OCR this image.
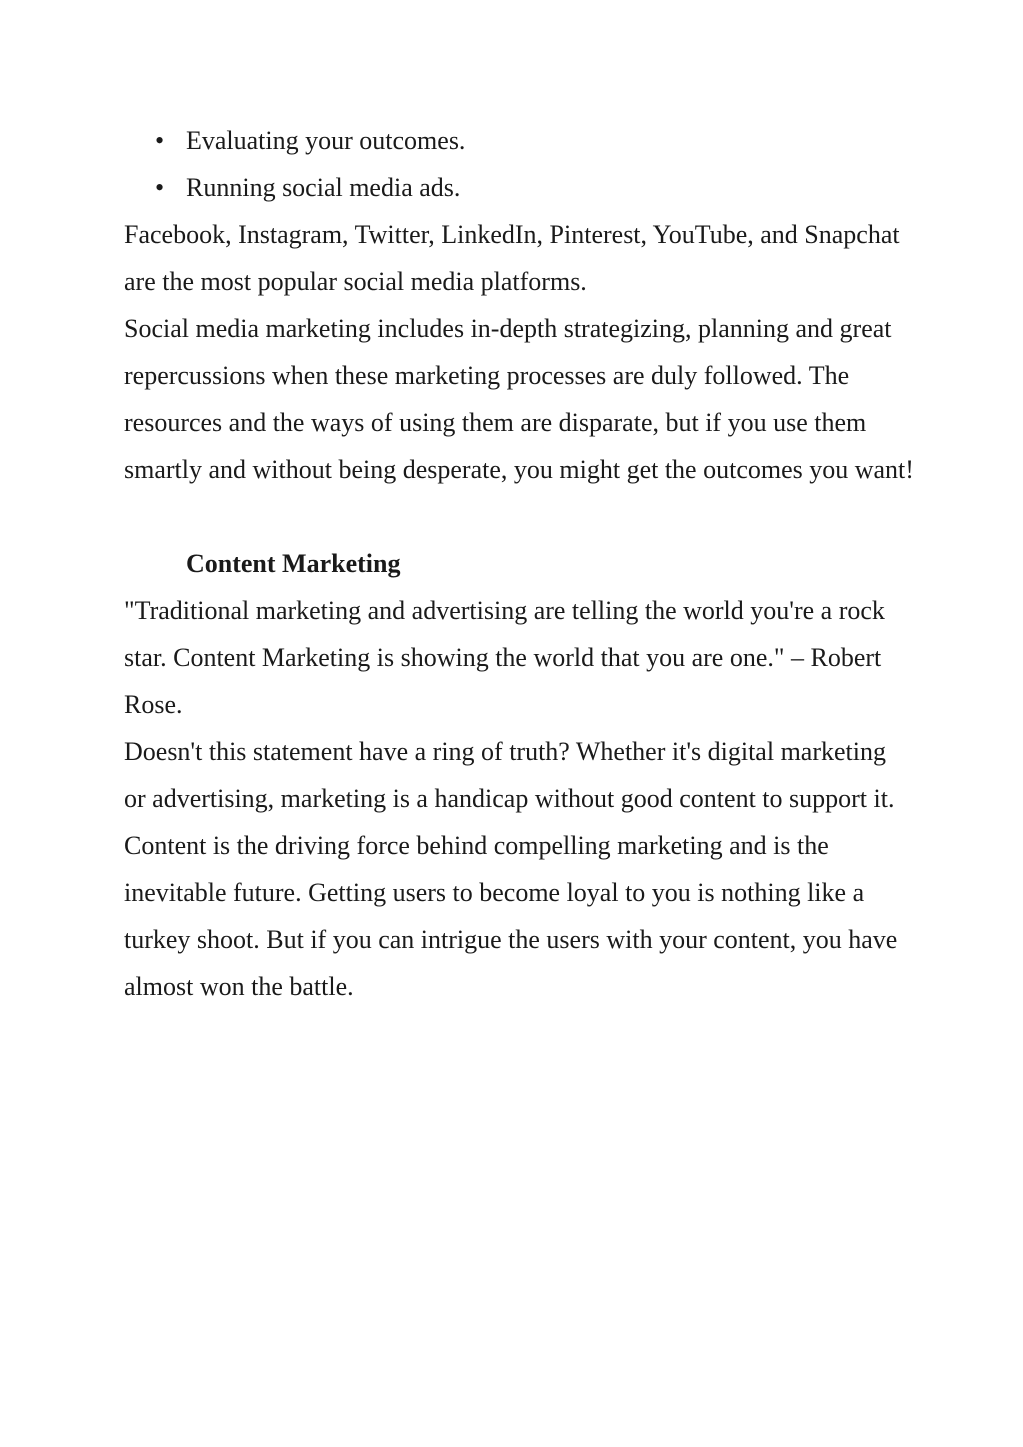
• Evaluating your outcomes.
• Running social media ads.

Facebook, Instagram, Twitter, LinkedIn, Pinterest, YouTube, and Snapchat are the most popular social media platforms.

Social media marketing includes in-depth strategizing, planning and great repercussions when these marketing processes are duly followed. The resources and the ways of using them are disparate, but if you use them smartly and without being desperate, you might get the outcomes you want!

Content Marketing

"Traditional marketing and advertising are telling the world you're a rock star. Content Marketing is showing the world that you are one." – Robert Rose.

Doesn't this statement have a ring of truth? Whether it's digital marketing or advertising, marketing is a handicap without good content to support it. Content is the driving force behind compelling marketing and is the inevitable future. Getting users to become loyal to you is nothing like a turkey shoot. But if you can intrigue the users with your content, you have almost won the battle.
